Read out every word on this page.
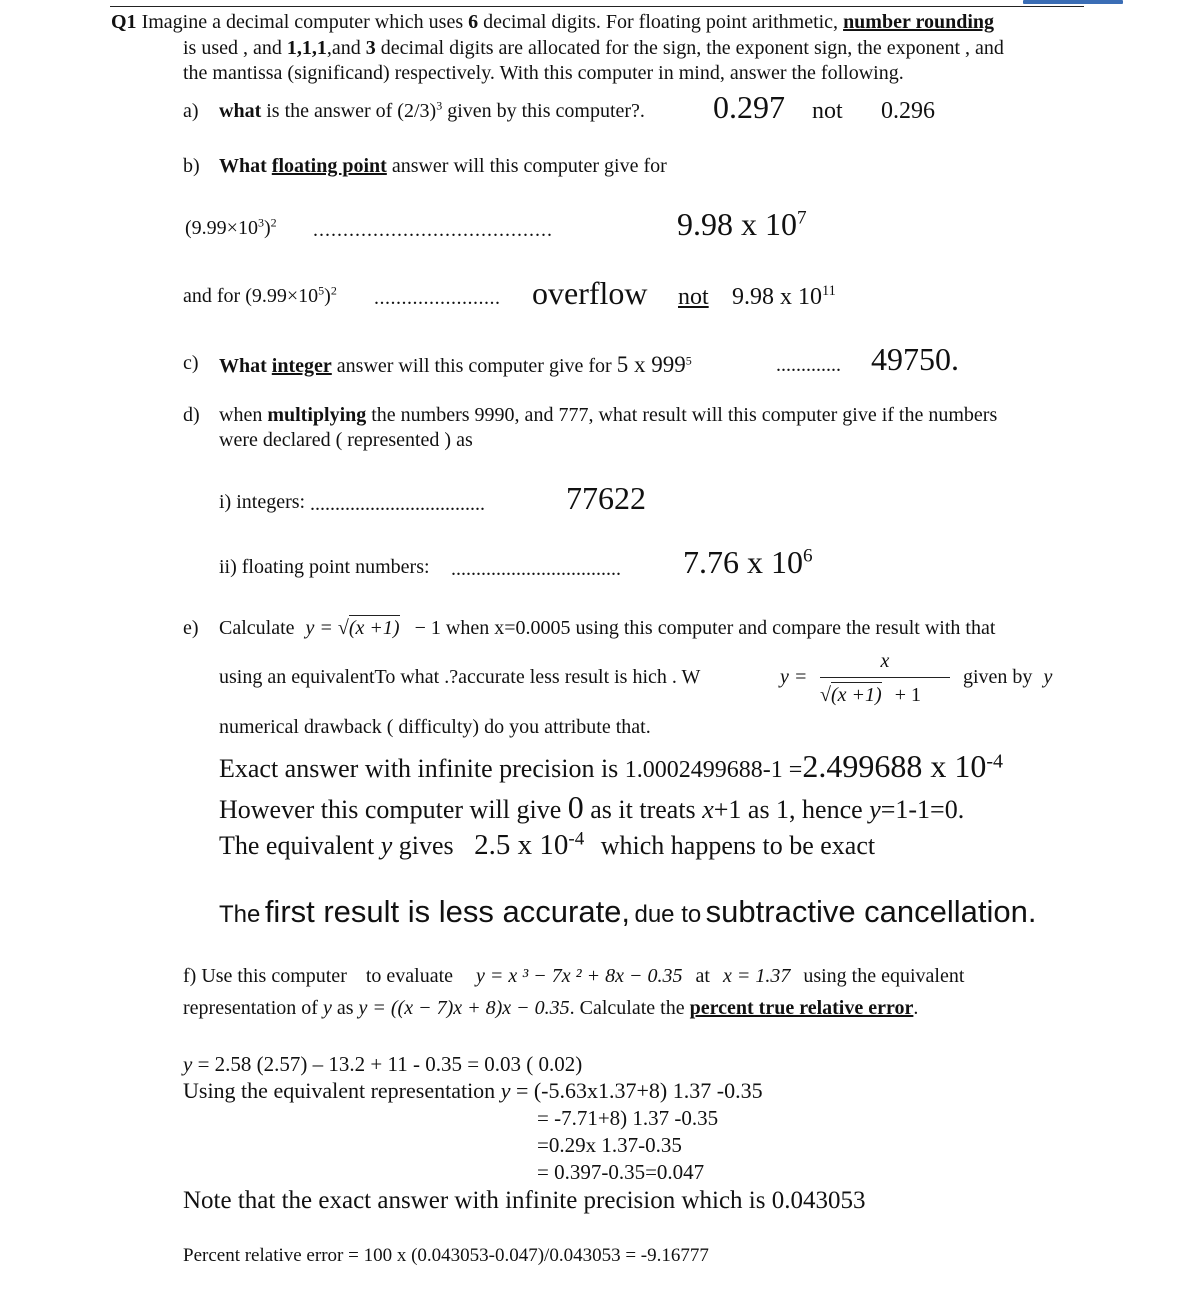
Q1 Imagine a decimal computer which uses 6 decimal digits. For floating point arithmetic, number rounding
is used , and 1,1,1,and 3 decimal digits are allocated for the sign, the exponent sign, the exponent , and
the mantissa (significand) respectively. With this computer in mind, answer the following.
a) what is the answer of $(2/3)^3$ given by this computer?. 0.297 not 0.296
b) What floating point answer will this computer give for
$(9.99\times 10^3)^2$ ........................................	9.98 x $10^7$
and for $(9.99\times 10^5)^2$ ....................... overflow not 9.98 x $10^{11}$
c) What integer answer will this computer give for 5 x $999^5$	............. 49750.
d) when multiplying the numbers 9990, and 777, what result will this computer give if the numbers
were declared ( represented ) as
i) integers: ...................................	77622
ii) floating point numbers: .................................. 7.76 x $10^6$
e) Calculate y = √(x +1) − 1 when x=0.0005 using this computer and compare the result with that
using an equivalentTo what .?accurate less result is hich . W	y =
x
√(x +1) + 1
given by y
numerical drawback ( difficulty) do you attribute that.
Exact answer with infinite precision is 1.0002499688-1 =2.499688 x $10^{-4}$
However this computer will give 0 as it treats x+1 as 1, hence y=1-1=0.
The equivalent y gives 2.5 x $10^{-4}$ which happens to be exact
The first result is less accurate, due to subtractive cancellation.
f) Use this computer to evaluate y = x ³ − 7x ² + 8x − 0.35 at x = 1.37 using the equivalent
representation of y as y = ((x − 7)x + 8)x − 0.35. Calculate the percent true relative error.
y = 2.58 (2.57) – 13.2 + 11 - 0.35 = 0.03 ( 0.02)
Using the equivalent representation y = (-5.63x1.37+8) 1.37 -0.35
= -7.71+8) 1.37 -0.35
=0.29x 1.37-0.35
= 0.397-0.35=0.047
Note that the exact answer with infinite precision which is 0.043053
Percent relative error = 100 x (0.043053-0.047)/0.043053 = -9.16777
